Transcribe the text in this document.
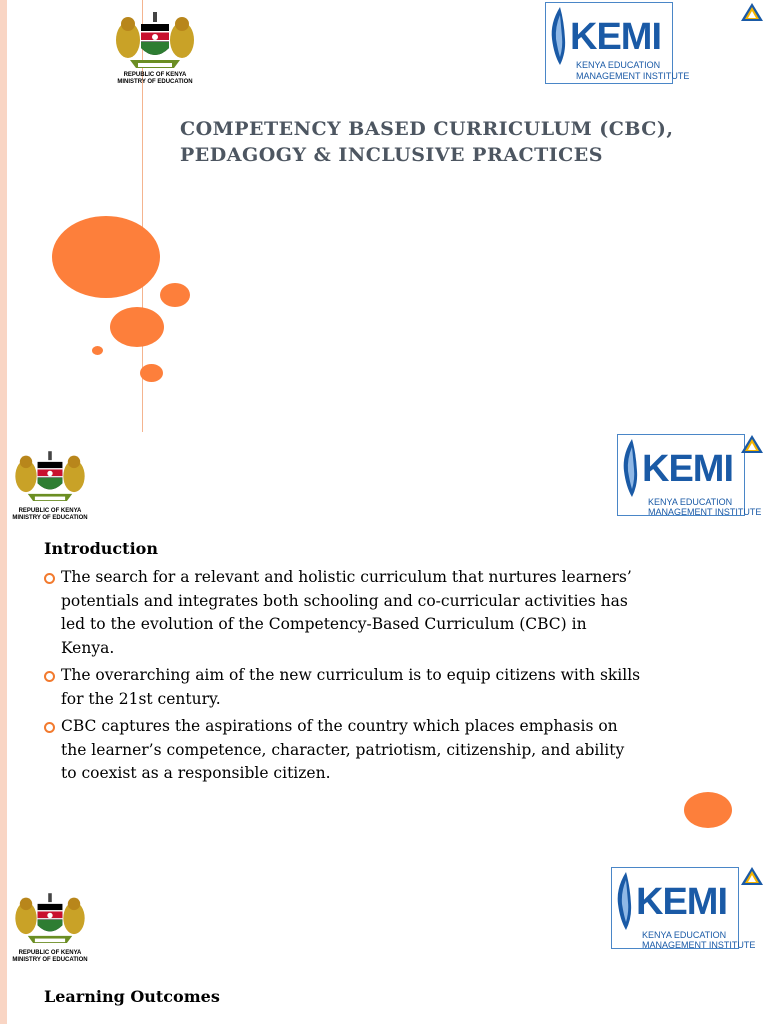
REPUBLIC OF KENYA
MINISTRY OF EDUCATION
KEMI
KENYA EDUCATION
MANAGEMENT INSTITUTE
COMPETENCY BASED CURRICULUM (CBC), PEDAGOGY & INCLUSIVE PRACTICES
REPUBLIC OF KENYA
MINISTRY OF EDUCATION
KEMI
KENYA EDUCATION
MANAGEMENT INSTITUTE
Introduction
The search for a relevant and holistic curriculum that nurtures learners’ potentials and integrates both schooling and co-curricular activities has led to the evolution of the Competency-Based Curriculum (CBC) in Kenya.
The overarching aim of the new curriculum is to equip citizens with skills for the 21st century.
CBC captures the aspirations of the country which places emphasis on the learner’s competence, character, patriotism, citizenship, and ability to coexist as a responsible citizen.
REPUBLIC OF KENYA
MINISTRY OF EDUCATION
KEMI
KENYA EDUCATION
MANAGEMENT INSTITUTE
Learning Outcomes
